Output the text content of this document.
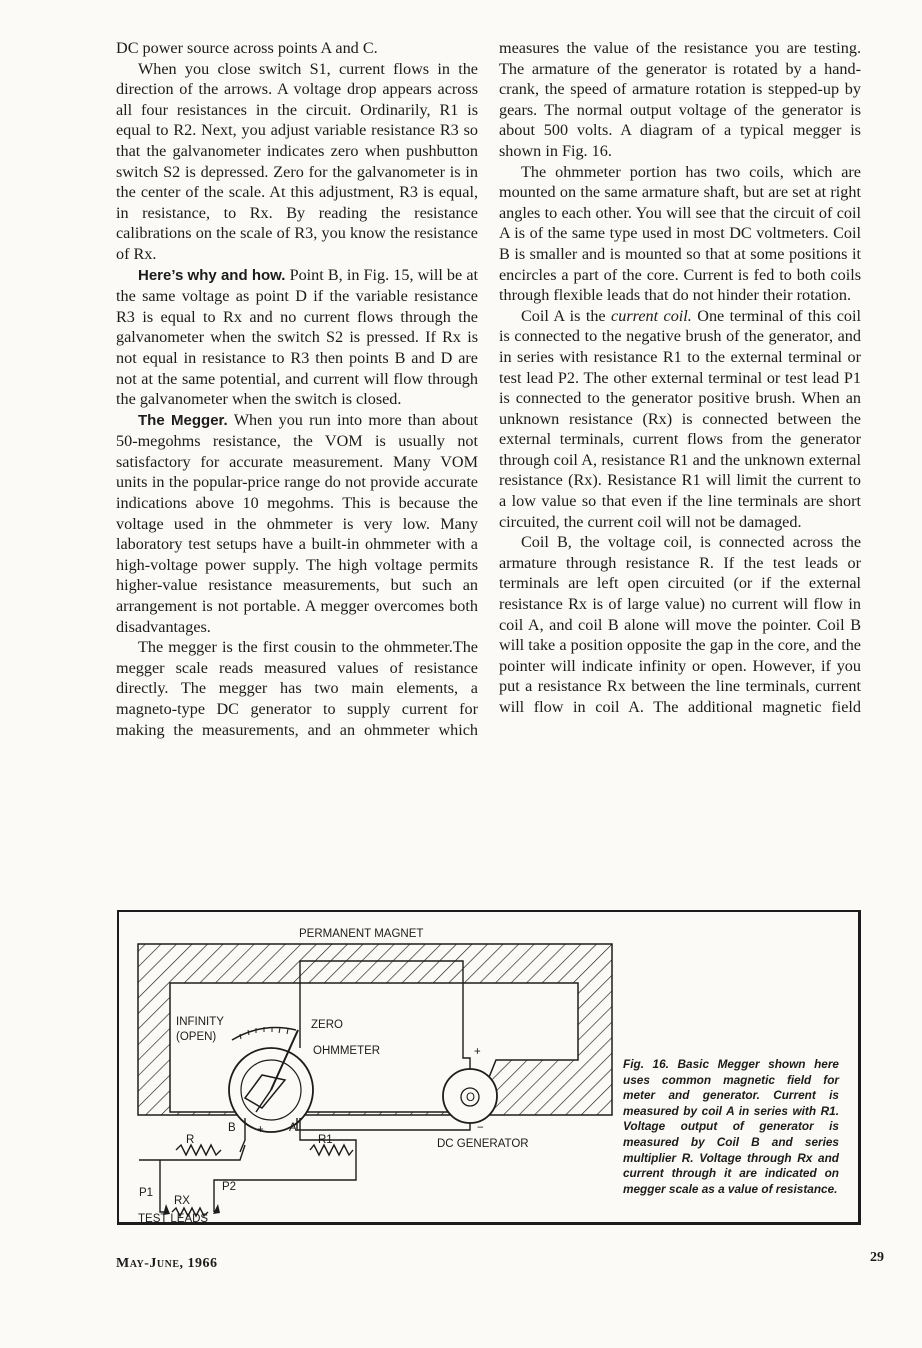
DC power source across points A and C.

When you close switch S1, current flows in the direction of the arrows. A voltage drop appears across all four resistances in the circuit. Ordinarily, R1 is equal to R2. Next, you adjust variable resistance R3 so that the galvanometer indicates zero when pushbutton switch S2 is depressed. Zero for the galvanometer is in the center of the scale. At this adjustment, R3 is equal, in resistance, to Rx. By reading the resistance calibrations on the scale of R3, you know the resistance of Rx.

Here’s why and how. Point B, in Fig. 15, will be at the same voltage as point D if the variable resistance R3 is equal to Rx and no current flows through the galvanometer when the switch S2 is pressed. If Rx is not equal in resistance to R3 then points B and D are not at the same potential, and current will flow through the galvanometer when the switch is closed.

The Megger. When you run into more than about 50-megohms resistance, the VOM is usually not satisfactory for accurate measurement. Many VOM units in the popular-price range do not provide accurate indications above 10 megohms. This is because the voltage used in the ohmmeter is very low. Many laboratory test setups have a built-in ohmmeter with a high-voltage power supply. The high voltage permits higher-value resistance measurements, but such an arrangement is not portable. A megger overcomes both disadvantages.

The megger is the first cousin to the ohmmeter.The megger scale reads measured values of resistance directly. The megger has two main elements, a magneto-type DC generator to supply current for making the measurements, and an ohmmeter which

measures the value of the resistance you are testing. The armature of the generator is rotated by a hand-crank, the speed of armature rotation is stepped-up by gears. The normal output voltage of the generator is about 500 volts. A diagram of a typical megger is shown in Fig. 16.

The ohmmeter portion has two coils, which are mounted on the same armature shaft, but are set at right angles to each other. You will see that the circuit of coil A is of the same type used in most DC voltmeters. Coil B is smaller and is mounted so that at some positions it encircles a part of the core. Current is fed to both coils through flexible leads that do not hinder their rotation.

Coil A is the current coil. One terminal of this coil is connected to the negative brush of the generator, and in series with resistance R1 to the external terminal or test lead P2. The other external terminal or test lead P1 is connected to the generator positive brush. When an unknown resistance (Rx) is connected between the external terminals, current flows from the generator through coil A, resistance R1 and the unknown external resistance (Rx). Resistance R1 will limit the current to a low value so that even if the line terminals are short circuited, the current coil will not be damaged.

Coil B, the voltage coil, is connected across the armature through resistance R. If the test leads or terminals are left open circuited (or if the external resistance Rx is of large value) no current will flow in coil A, and coil B alone will move the pointer. Coil B will take a position opposite the gap in the core, and the pointer will indicate infinity or open. However, if you put a resistance Rx between the line terminals, current will flow in coil A. The additional magnetic field

PERMANENT MAGNET
INFINITY
(OPEN)
ZERO
OHMMETER	+
−
O
B + A
R	R1	DC GENERATOR
P1	P2
RX
TEST LEADS
Fig. 16. Basic Megger shown here uses common magnetic field for meter and generator. Current is measured by coil A in series with R1. Voltage output of generator is measured by Coil B and series multiplier R. Voltage through Rx and current through it are indicated on megger scale as a value of resistance.
May-June, 1966	29
